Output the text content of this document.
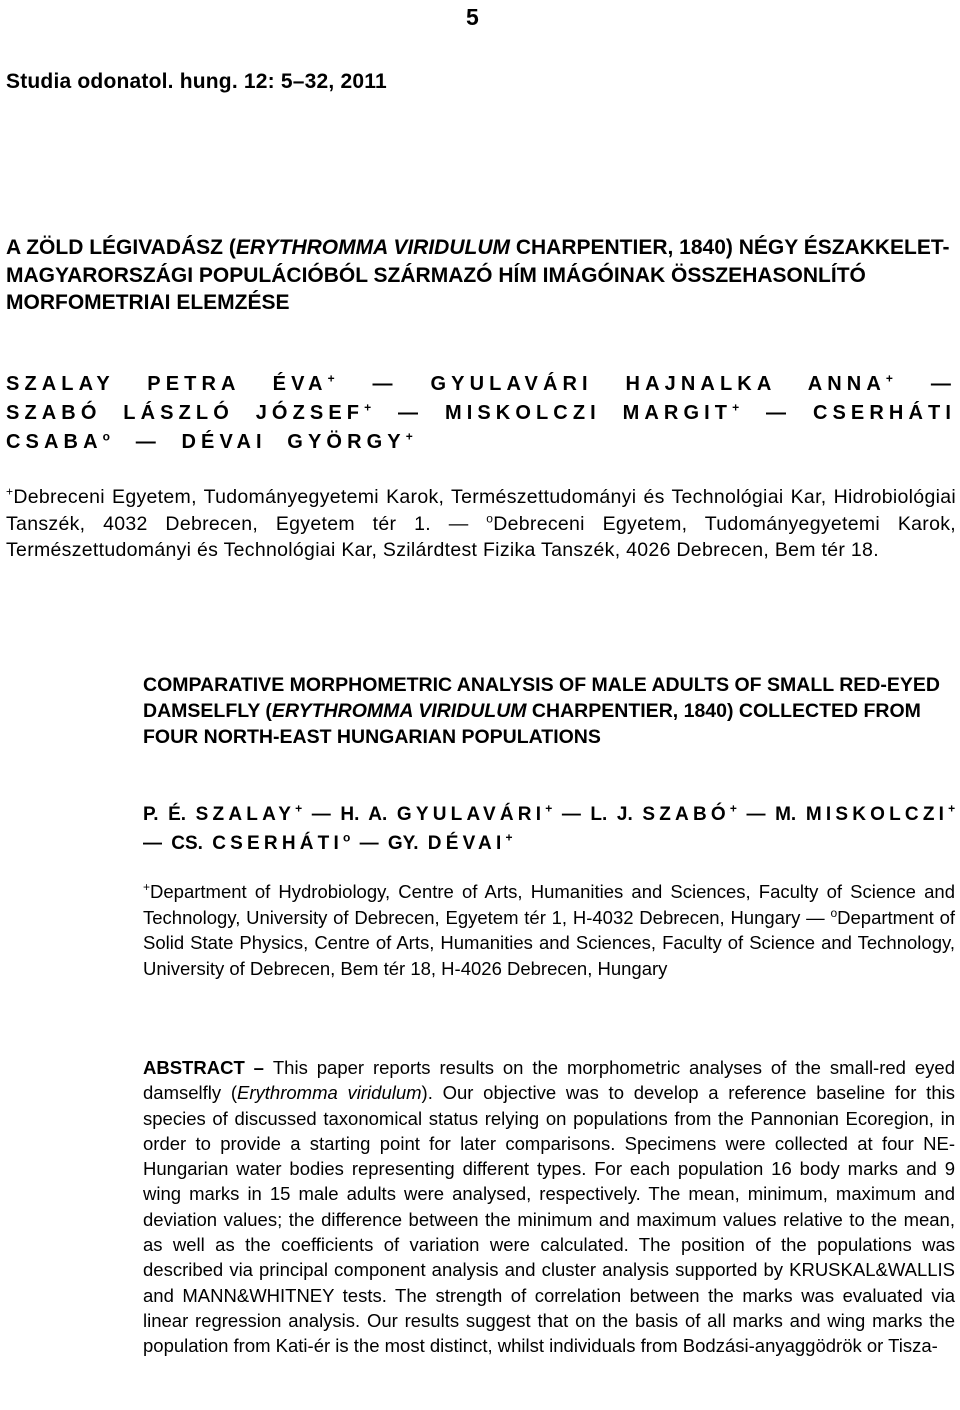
5
Studia odonatol. hung. 12: 5–32, 2011
A ZÖLD LÉGIVADÁSZ (ERYTHROMMA VIRIDULUM CHARPENTIER, 1840) NÉGY ÉSZAKKELET-MAGYARORSZÁGI POPULÁCIÓBÓL SZÁRMAZÓ HÍM IMÁGÓINAK ÖSSZEHASONLÍTÓ MORFOMETRIAI ELEMZÉSE
SZALAY PETRA ÉVA+ — GYULAVÁRI HAJNALKA ANNA+ — SZABÓ LÁSZLÓ JÓZSEF+ — MISKOLCZI MARGIT+ — CSERHÁTI CSABA$^o$ — DÉVAI GYÖRGY+
+Debreceni Egyetem, Tudományegyetemi Karok, Természettudományi és Technológiai Kar, Hidrobiológiai Tanszék, 4032 Debrecen, Egyetem tér 1. — $^o$Debreceni Egyetem, Tudományegyetemi Karok, Természettudományi és Technológiai Kar, Szilárdtest Fizika Tanszék, 4026 Debrecen, Bem tér 18.
COMPARATIVE MORPHOMETRIC ANALYSIS OF MALE ADULTS OF SMALL RED-EYED DAMSELFLY (ERYTHROMMA VIRIDULUM CHARPENTIER, 1840) COLLECTED FROM FOUR NORTH-EAST HUNGARIAN POPULATIONS
P. É. SZALAY+ — H. A. GYULAVÁRI+ — L. J. SZABÓ+ — M. MISKOLCZI+ — CS. CSERHÁTI$^o$ — GY. DÉVAI+
+Department of Hydrobiology, Centre of Arts, Humanities and Sciences, Faculty of Science and Technology, University of Debrecen, Egyetem tér 1, H-4032 Debrecen, Hungary — $^o$Department of Solid State Physics, Centre of Arts, Humanities and Sciences, Faculty of Science and Technology, University of Debrecen, Bem tér 18, H-4026 Debrecen, Hungary

ABSTRACT – This paper reports results on the morphometric analyses of the small-red eyed damselfly (Erythromma viridulum). Our objective was to develop a reference baseline for this species of discussed taxonomical status relying on populations from the Pannonian Ecoregion, in order to provide a starting point for later comparisons. Specimens were collected at four NE-Hungarian water bodies representing different types. For each population 16 body marks and 9 wing marks in 15 male adults were analysed, respectively. The mean, minimum, maximum and deviation values; the difference between the minimum and maximum values relative to the mean, as well as the coefficients of variation were calculated. The position of the populations was described via principal component analysis and cluster analysis supported by KRUSKAL&WALLIS and MANN&WHITNEY tests. The strength of correlation between the marks was evaluated via linear regression analysis. Our results suggest that on the basis of all marks and wing marks the population from Kati-ér is the most distinct, whilst individuals from Bodzási-anyaggödrök or Tisza-
